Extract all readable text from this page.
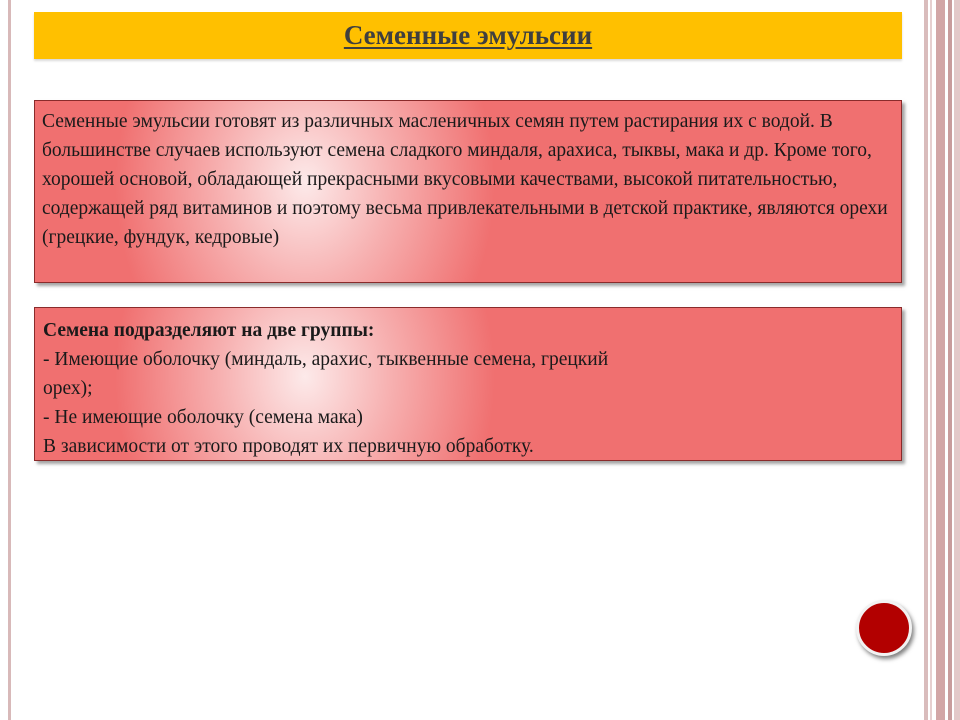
Семенные эмульсии

Семенные эмульсии готовят из различных масленичных семян путем растирания их с водой. В большинстве случаев используют семена сладкого миндаля, арахиса, тыквы, мака и др. Кроме того, хорошей основой, обладающей прекрасными вкусовыми качествами, высокой питательностью, содержащей ряд витаминов и поэтому весьма привлекательными в детской практике, являются орехи (грецкие, фундук, кедровые)

Семена подразделяют на две группы:
- Имеющие оболочку (миндаль, арахис, тыквенные семена, грецкий
орех);
‐ Не имеющие оболочку (семена мака)
В зависимости от этого проводят их первичную обработку.
